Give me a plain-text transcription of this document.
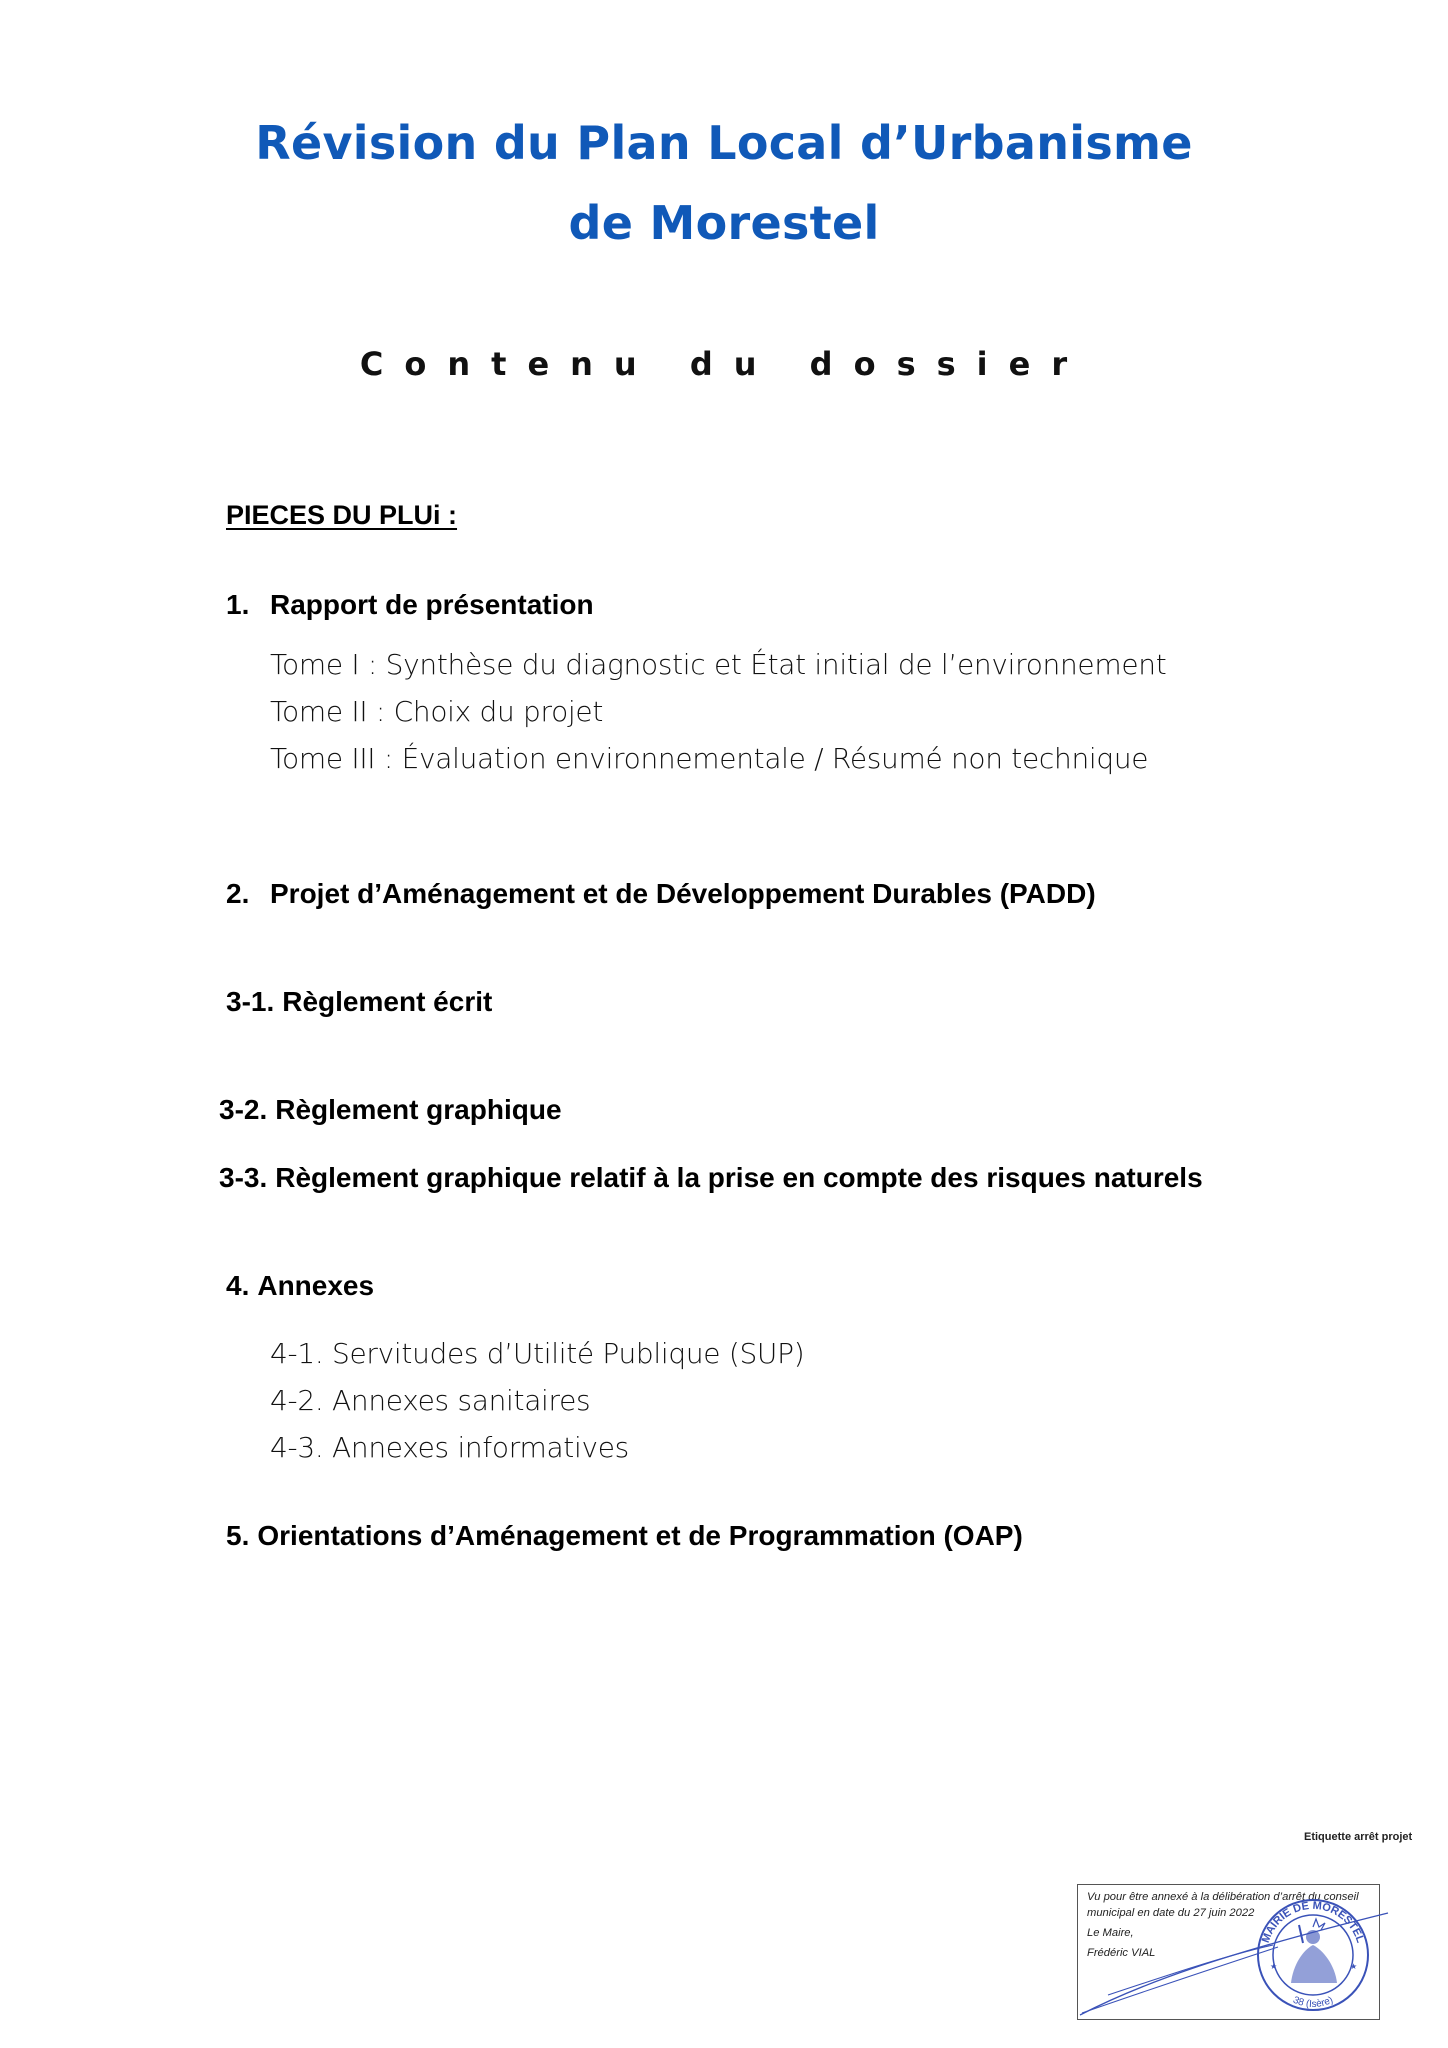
Révision du Plan Local d’Urbanisme
de Morestel
Contenu du dossier
PIECES DU PLUi :
1. Rapport de présentation
Tome I : Synthèse du diagnostic et État initial de l’environnement
Tome II : Choix du projet
Tome III : Évaluation environnementale / Résumé non technique
2. Projet d’Aménagement et de Développement Durables (PADD)
3-1. Règlement écrit
3-2. Règlement graphique
3-3. Règlement graphique relatif à la prise en compte des risques naturels
4. Annexes
4-1. Servitudes d’Utilité Publique (SUP)
4-2. Annexes sanitaires
4-3. Annexes informatives
5. Orientations d’Aménagement et de Programmation (OAP)
Etiquette arrêt projet
Vu pour être annexé à la délibération d’arrêt du conseil
municipal en date du 27 juin 2022
Le Maire,
Frédéric VIAL
MAIRIE DE MORESTEL
38 (Isère)
★	★
